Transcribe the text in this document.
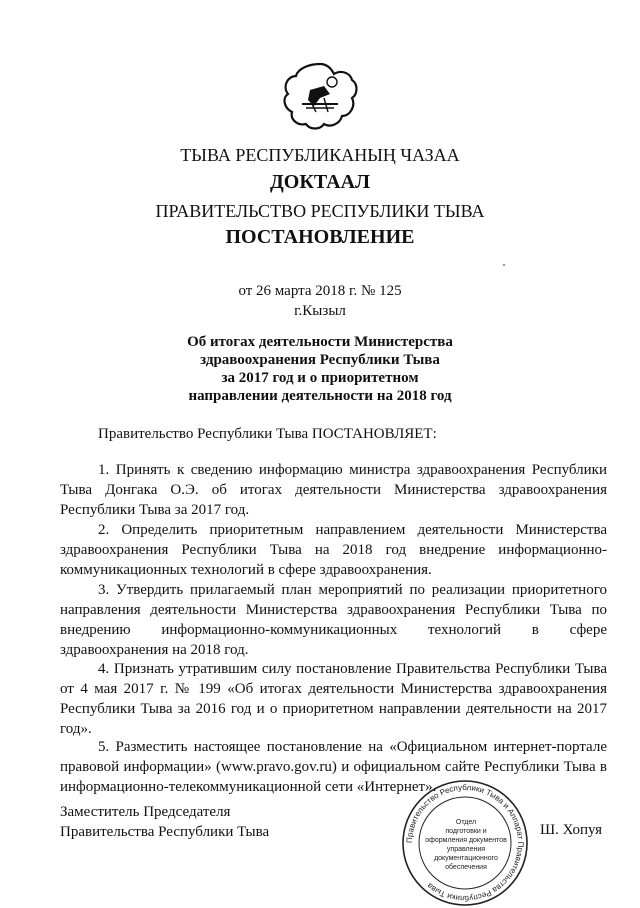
ТЫВА РЕСПУБЛИКАНЫҢ ЧАЗАА
ДОКТААЛ
ПРАВИТЕЛЬСТВО РЕСПУБЛИКИ ТЫВА
ПОСТАНОВЛЕНИЕ
от 26 марта 2018 г. № 125
г.Кызыл
Об итогах деятельности Министерства
здравоохранения Республики Тыва
за 2017 год и о приоритетном
направлении деятельности на 2018 год
Правительство Республики Тыва ПОСТАНОВЛЯЕТ:
1. Принять к сведению информацию министра здравоохранения Республики Тыва Донгака О.Э. об итогах деятельности Министерства здравоохранения Республики Тыва за 2017 год.
2. Определить приоритетным направлением деятельности Министерства здравоохранения Республики Тыва на 2018 год внедрение информационно-коммуникационных технологий в сфере здравоохранения.
3. Утвердить прилагаемый план мероприятий по реализации приоритетного направления деятельности Министерства здравоохранения Республики Тыва по внедрению информационно-коммуникационных технологий в сфере здравоохранения на 2018 год.
4. Признать утратившим силу постановление Правительства Республики Тыва от 4 мая 2017 г. № 199 «Об итогах деятельности Министерства здравоохранения Республики Тыва за 2016 год и о приоритетном направлении деятельности на 2017 год».
5. Разместить настоящее постановление на «Официальном интернет-портале правовой информации» (www.pravo.gov.ru) и официальном сайте Республики Тыва в информационно-телекоммуникационной сети «Интернет».
Заместитель Председателя
Правительства Республики Тыва
Правительство Республики Тыва и Аппарат Правительства Республики Тыва
Отдел
подготовки и
оформления документов
управления
документационного
обеспечения
Ш. Хопуя
